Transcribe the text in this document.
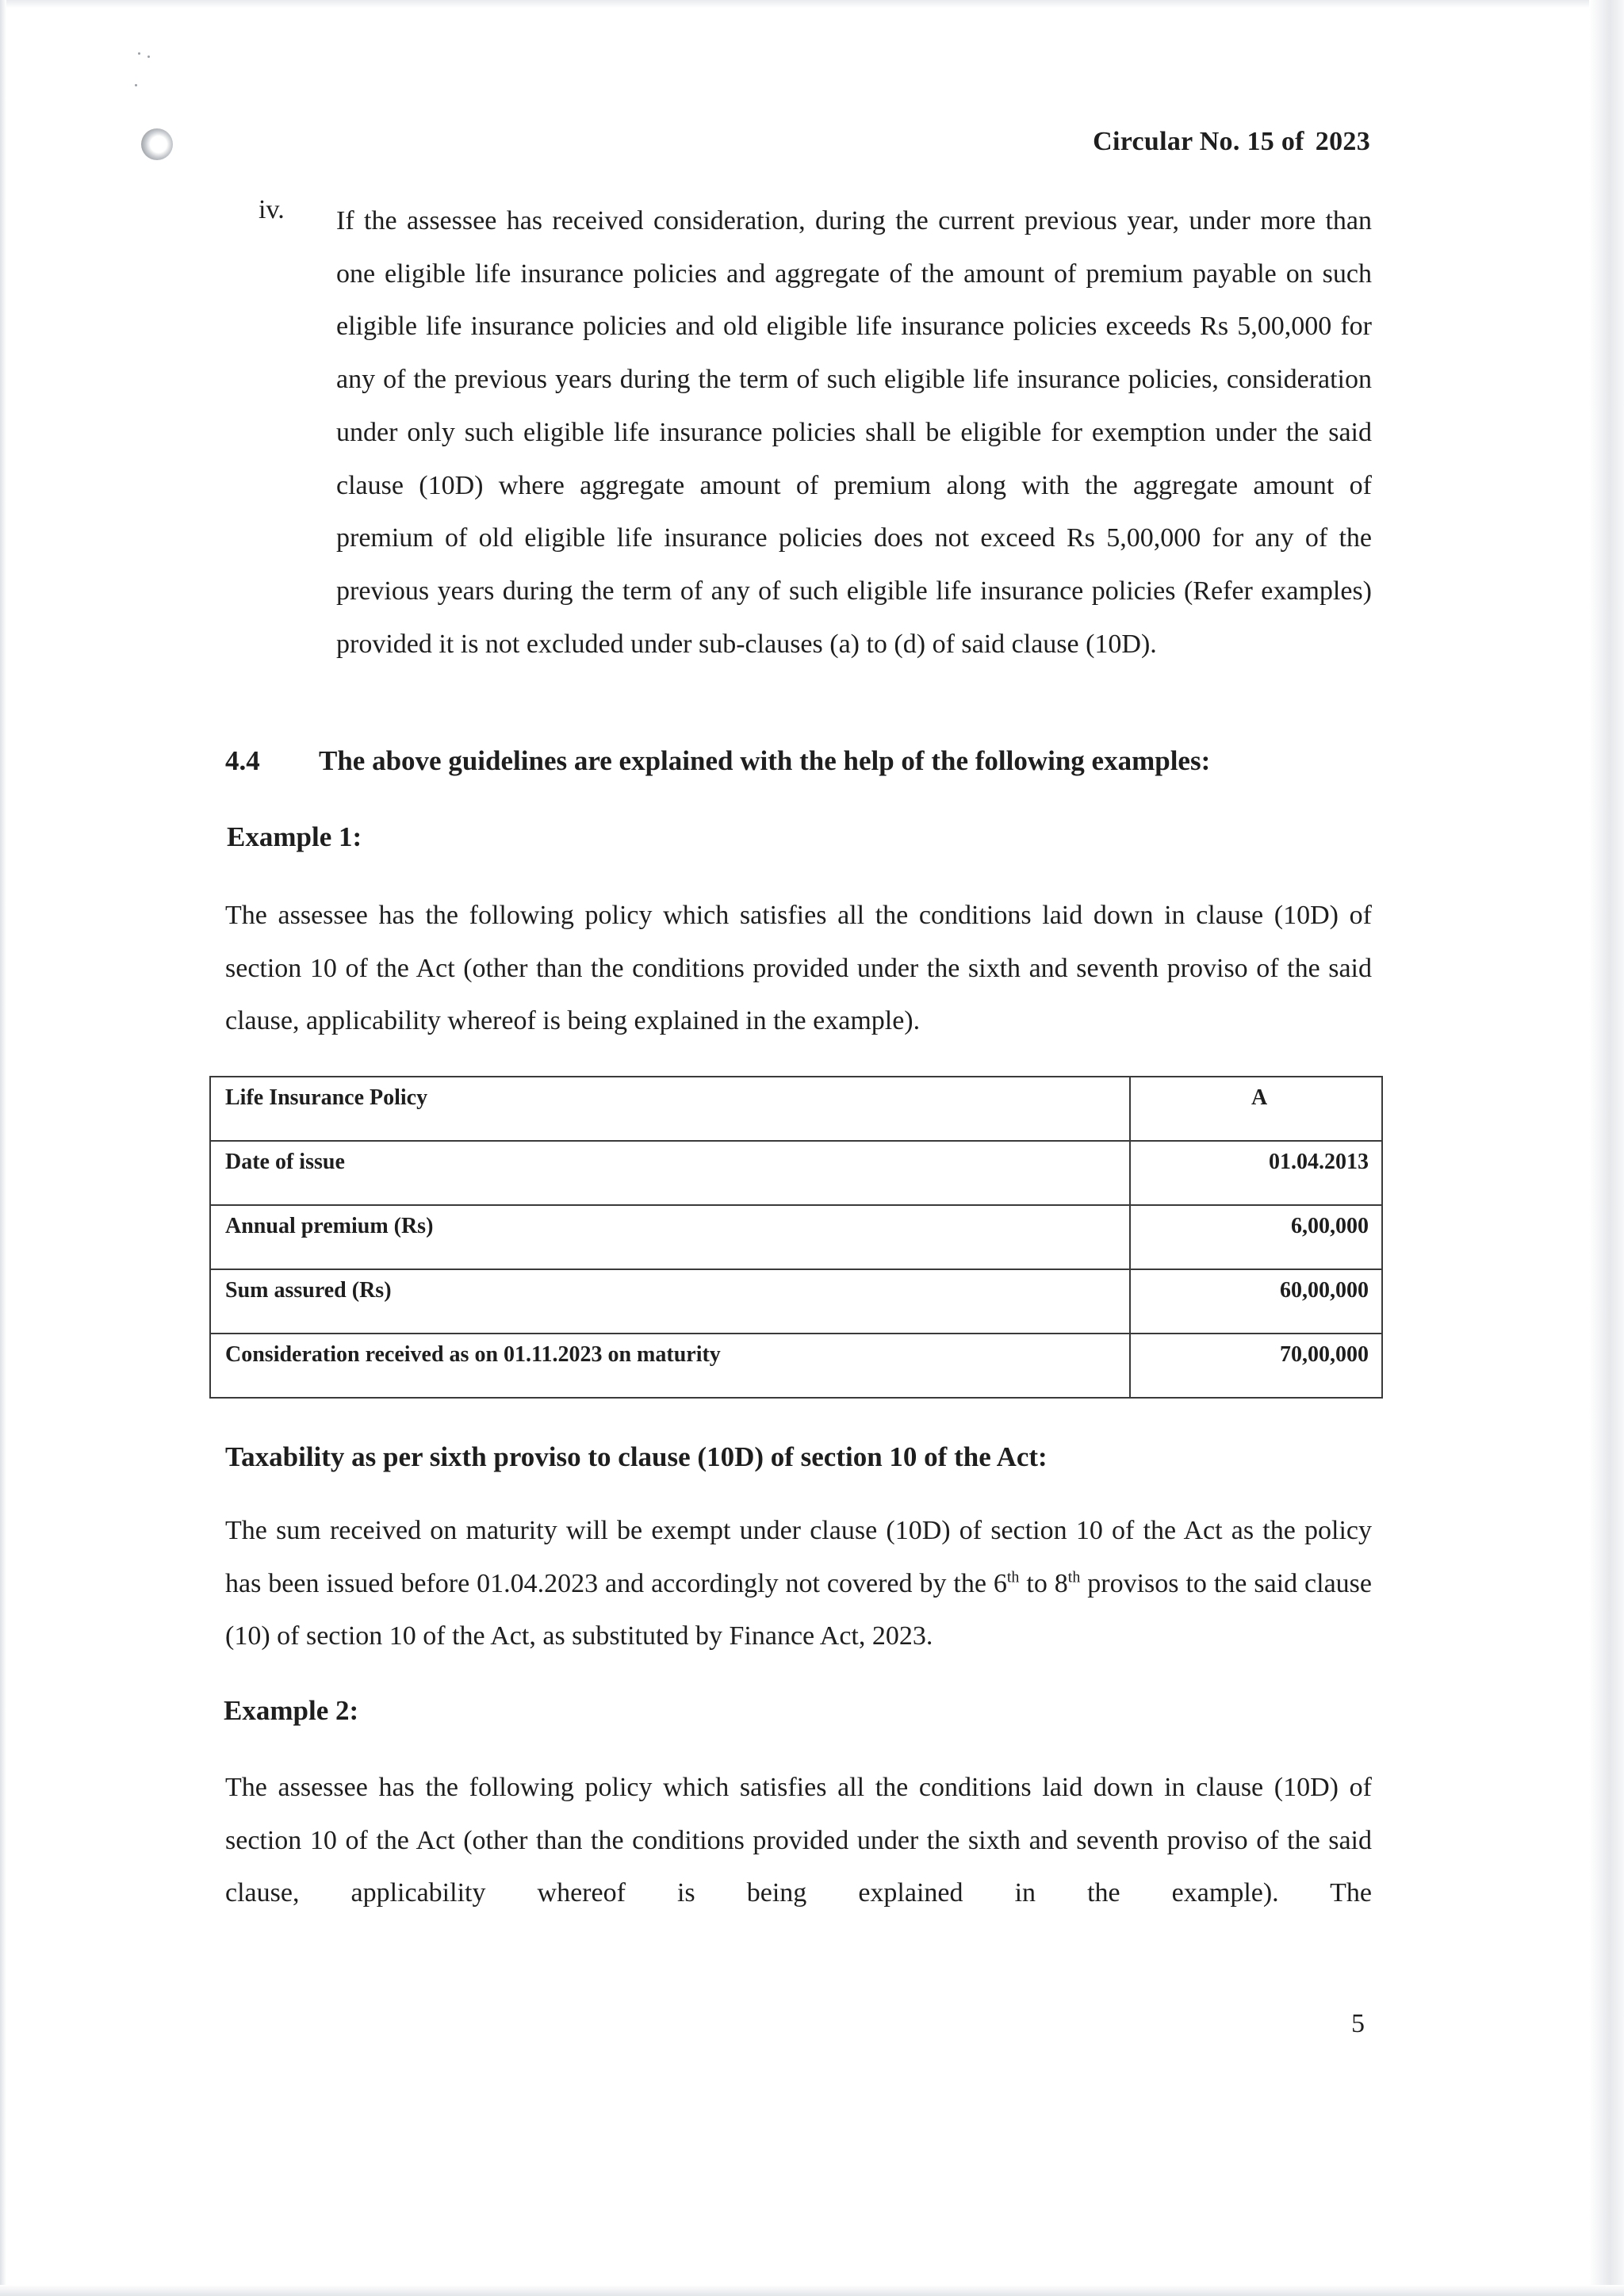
Circular No. 15 of 2023
iv. If the assessee has received consideration, during the current previous year, under more than one eligible life insurance policies and aggregate of the amount of premium payable on such eligible life insurance policies and old eligible life insurance policies exceeds Rs 5,00,000 for any of the previous years during the term of such eligible life insurance policies, consideration under only such eligible life insurance policies shall be eligible for exemption under the said clause (10D) where aggregate amount of premium along with the aggregate amount of premium of old eligible life insurance policies does not exceed Rs 5,00,000 for any of the previous years during the term of any of such eligible life insurance policies (Refer examples) provided it is not excluded under sub-clauses (a) to (d) of said clause (10D).
4.4 The above guidelines are explained with the help of the following examples:
Example 1:
The assessee has the following policy which satisfies all the conditions laid down in clause (10D) of section 10 of the Act (other than the conditions provided under the sixth and seventh proviso of the said clause, applicability whereof is being explained in the example).
Life Insurance Policy	A
Date of issue	01.04.2013
Annual premium (Rs)	6,00,000
Sum assured (Rs)	60,00,000
Consideration received as on 01.11.2023 on maturity	70,00,000
Taxability as per sixth proviso to clause (10D) of section 10 of the Act:
The sum received on maturity will be exempt under clause (10D) of section 10 of the Act as the policy has been issued before 01.04.2023 and accordingly not covered by the 6th to 8th provisos to the said clause (10) of section 10 of the Act, as substituted by Finance Act, 2023.
Example 2:
The assessee has the following policy which satisfies all the conditions laid down in clause (10D) of section 10 of the Act (other than the conditions provided under the sixth and seventh proviso of the said clause, applicability whereof is being explained in the example). The
5
